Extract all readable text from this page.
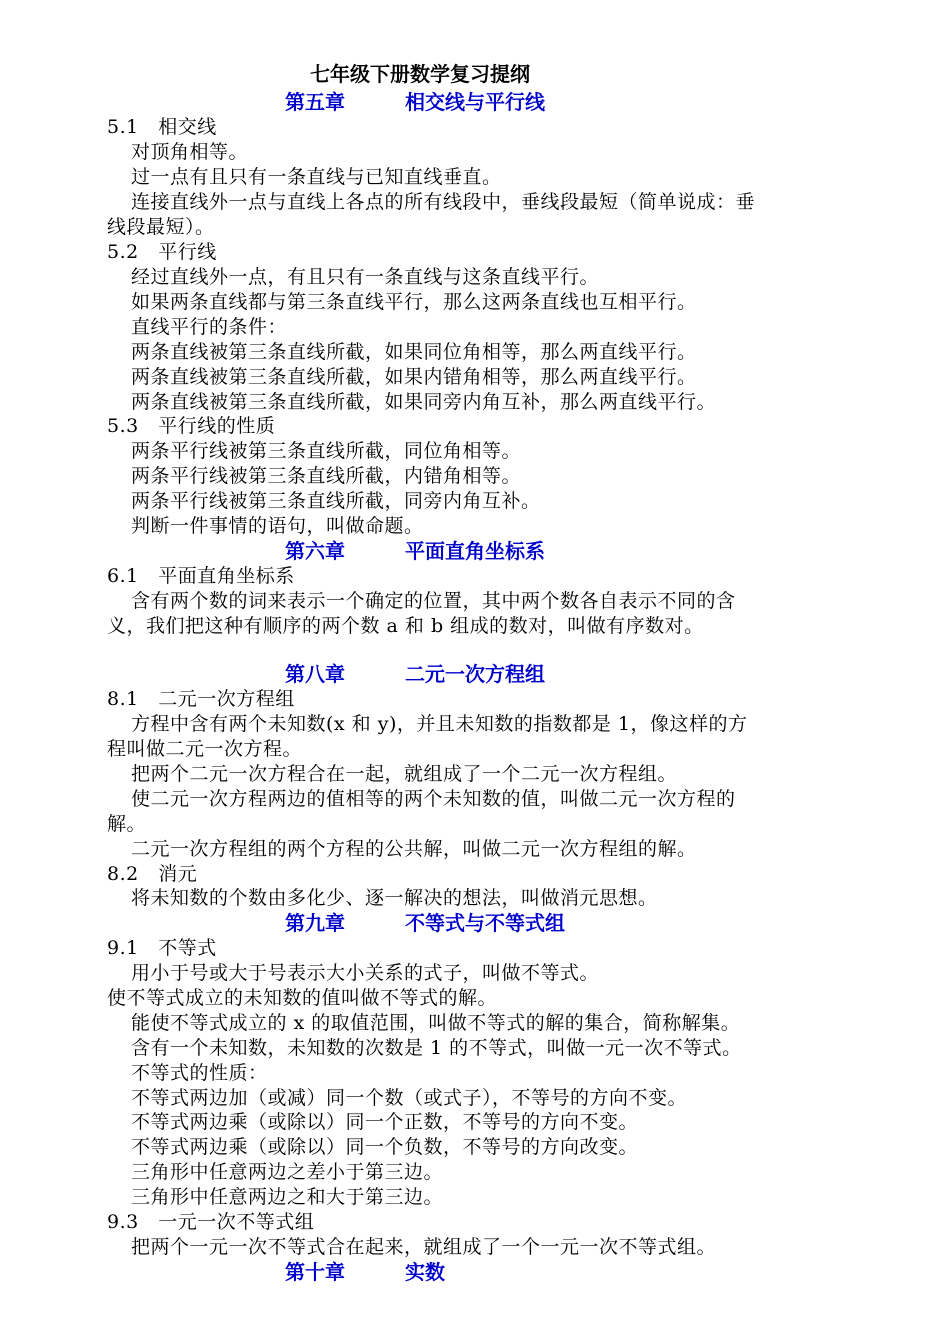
七年级下册数学复习提纲
第五章	相交线与平行线
5.1　相交线
对顶角相等。
过一点有且只有一条直线与已知直线垂直。
连接直线外一点与直线上各点的所有线段中，垂线段最短（简单说成：垂
线段最短）。
5.2　平行线
经过直线外一点，有且只有一条直线与这条直线平行。
如果两条直线都与第三条直线平行，那么这两条直线也互相平行。
直线平行的条件：
两条直线被第三条直线所截，如果同位角相等，那么两直线平行。
两条直线被第三条直线所截，如果内错角相等，那么两直线平行。
两条直线被第三条直线所截，如果同旁内角互补，那么两直线平行。
5.3　平行线的性质
两条平行线被第三条直线所截，同位角相等。
两条平行线被第三条直线所截，内错角相等。
两条平行线被第三条直线所截，同旁内角互补。
判断一件事情的语句，叫做命题。
第六章	平面直角坐标系
6.1　平面直角坐标系
含有两个数的词来表示一个确定的位置，其中两个数各自表示不同的含
义，我们把这种有顺序的两个数 a 和 b 组成的数对，叫做有序数对。
第八章	二元一次方程组
8.1　二元一次方程组
方程中含有两个未知数(x 和 y)，并且未知数的指数都是 1，像这样的方
程叫做二元一次方程。
把两个二元一次方程合在一起，就组成了一个二元一次方程组。
使二元一次方程两边的值相等的两个未知数的值，叫做二元一次方程的
解。
二元一次方程组的两个方程的公共解，叫做二元一次方程组的解。
8.2　消元
将未知数的个数由多化少、逐一解决的想法，叫做消元思想。
第九章	不等式与不等式组
9.1　不等式
用小于号或大于号表示大小关系的式子，叫做不等式。
使不等式成立的未知数的值叫做不等式的解。
能使不等式成立的 x 的取值范围，叫做不等式的解的集合，简称解集。
含有一个未知数，未知数的次数是 1 的不等式，叫做一元一次不等式。
不等式的性质：
不等式两边加（或减）同一个数（或式子），不等号的方向不变。
不等式两边乘（或除以）同一个正数，不等号的方向不变。
不等式两边乘（或除以）同一个负数，不等号的方向改变。
三角形中任意两边之差小于第三边。
三角形中任意两边之和大于第三边。
9.3　一元一次不等式组
把两个一元一次不等式合在起来，就组成了一个一元一次不等式组。
第十章	实数
